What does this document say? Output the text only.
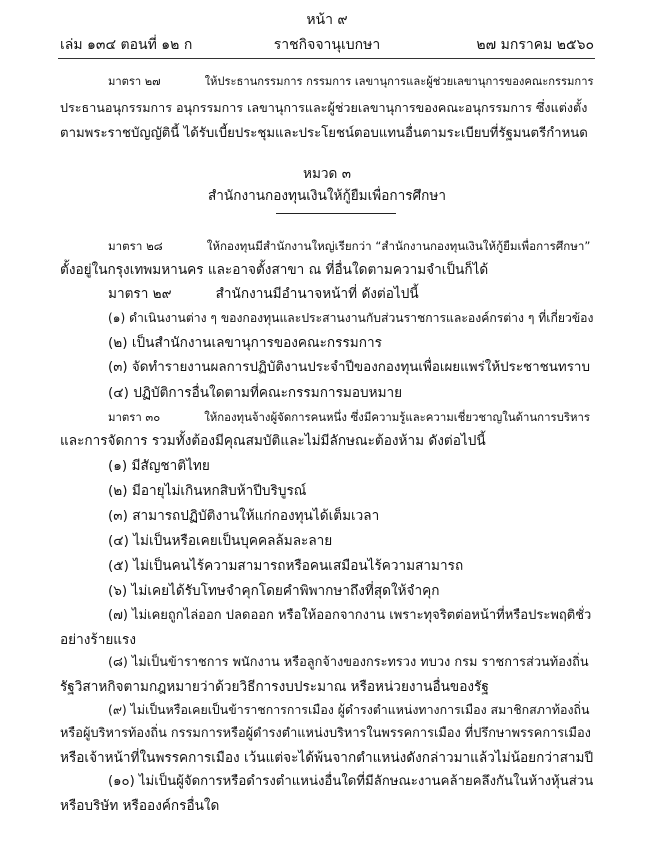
หน้า ๙
เล่ม ๑๓๔ ตอนที่ ๑๒ ก	ราชกิจจานุเบกษา	๒๗ มกราคม ๒๕๖๐
มาตรา ๒๗	ให้ประธานกรรมการ กรรมการ เลขานุการและผู้ช่วยเลขานุการของคณะกรรมการ
ประธานอนุกรรมการ อนุกรรมการ เลขานุการและผู้ช่วยเลขานุการของคณะอนุกรรมการ ซึ่งแต่งตั้ง
ตามพระราชบัญญัตินี้ ได้รับเบี้ยประชุมและประโยชน์ตอบแทนอื่นตามระเบียบที่รัฐมนตรีกำหนด
หมวด ๓
สำนักงานกองทุนเงินให้กู้ยืมเพื่อการศึกษา
มาตรา ๒๘	ให้กองทุนมีสำนักงานใหญ่เรียกว่า “สำนักงานกองทุนเงินให้กู้ยืมเพื่อการศึกษา”
ตั้งอยู่ในกรุงเทพมหานคร และอาจตั้งสาขา ณ ที่อื่นใดตามความจำเป็นก็ได้
มาตรา ๒๙	สำนักงานมีอำนาจหน้าที่ ดังต่อไปนี้
(๑) ดำเนินงานต่าง ๆ ของกองทุนและประสานงานกับส่วนราชการและองค์กรต่าง ๆ ที่เกี่ยวข้อง
(๒) เป็นสำนักงานเลขานุการของคณะกรรมการ
(๓) จัดทำรายงานผลการปฏิบัติงานประจำปีของกองทุนเพื่อเผยแพร่ให้ประชาชนทราบ
(๔) ปฏิบัติการอื่นใดตามที่คณะกรรมการมอบหมาย
มาตรา ๓๐	ให้กองทุนจ้างผู้จัดการคนหนึ่ง ซึ่งมีความรู้และความเชี่ยวชาญในด้านการบริหาร
และการจัดการ รวมทั้งต้องมีคุณสมบัติและไม่มีลักษณะต้องห้าม ดังต่อไปนี้
(๑) มีสัญชาติไทย
(๒) มีอายุไม่เกินหกสิบห้าปีบริบูรณ์
(๓) สามารถปฏิบัติงานให้แก่กองทุนได้เต็มเวลา
(๔) ไม่เป็นหรือเคยเป็นบุคคลล้มละลาย
(๕) ไม่เป็นคนไร้ความสามารถหรือคนเสมือนไร้ความสามารถ
(๖) ไม่เคยได้รับโทษจำคุกโดยคำพิพากษาถึงที่สุดให้จำคุก
(๗) ไม่เคยถูกไล่ออก ปลดออก หรือให้ออกจากงาน เพราะทุจริตต่อหน้าที่หรือประพฤติชั่ว
อย่างร้ายแรง
(๘) ไม่เป็นข้าราชการ พนักงาน หรือลูกจ้างของกระทรวง ทบวง กรม ราชการส่วนท้องถิ่น
รัฐวิสาหกิจตามกฎหมายว่าด้วยวิธีการงบประมาณ หรือหน่วยงานอื่นของรัฐ
(๙) ไม่เป็นหรือเคยเป็นข้าราชการการเมือง ผู้ดำรงตำแหน่งทางการเมือง สมาชิกสภาท้องถิ่น
หรือผู้บริหารท้องถิ่น กรรมการหรือผู้ดำรงตำแหน่งบริหารในพรรคการเมือง ที่ปรึกษาพรรคการเมือง
หรือเจ้าหน้าที่ในพรรคการเมือง เว้นแต่จะได้พ้นจากตำแหน่งดังกล่าวมาแล้วไม่น้อยกว่าสามปี
(๑๐) ไม่เป็นผู้จัดการหรือดำรงตำแหน่งอื่นใดที่มีลักษณะงานคล้ายคลึงกันในห้างหุ้นส่วน
หรือบริษัท หรือองค์กรอื่นใด
